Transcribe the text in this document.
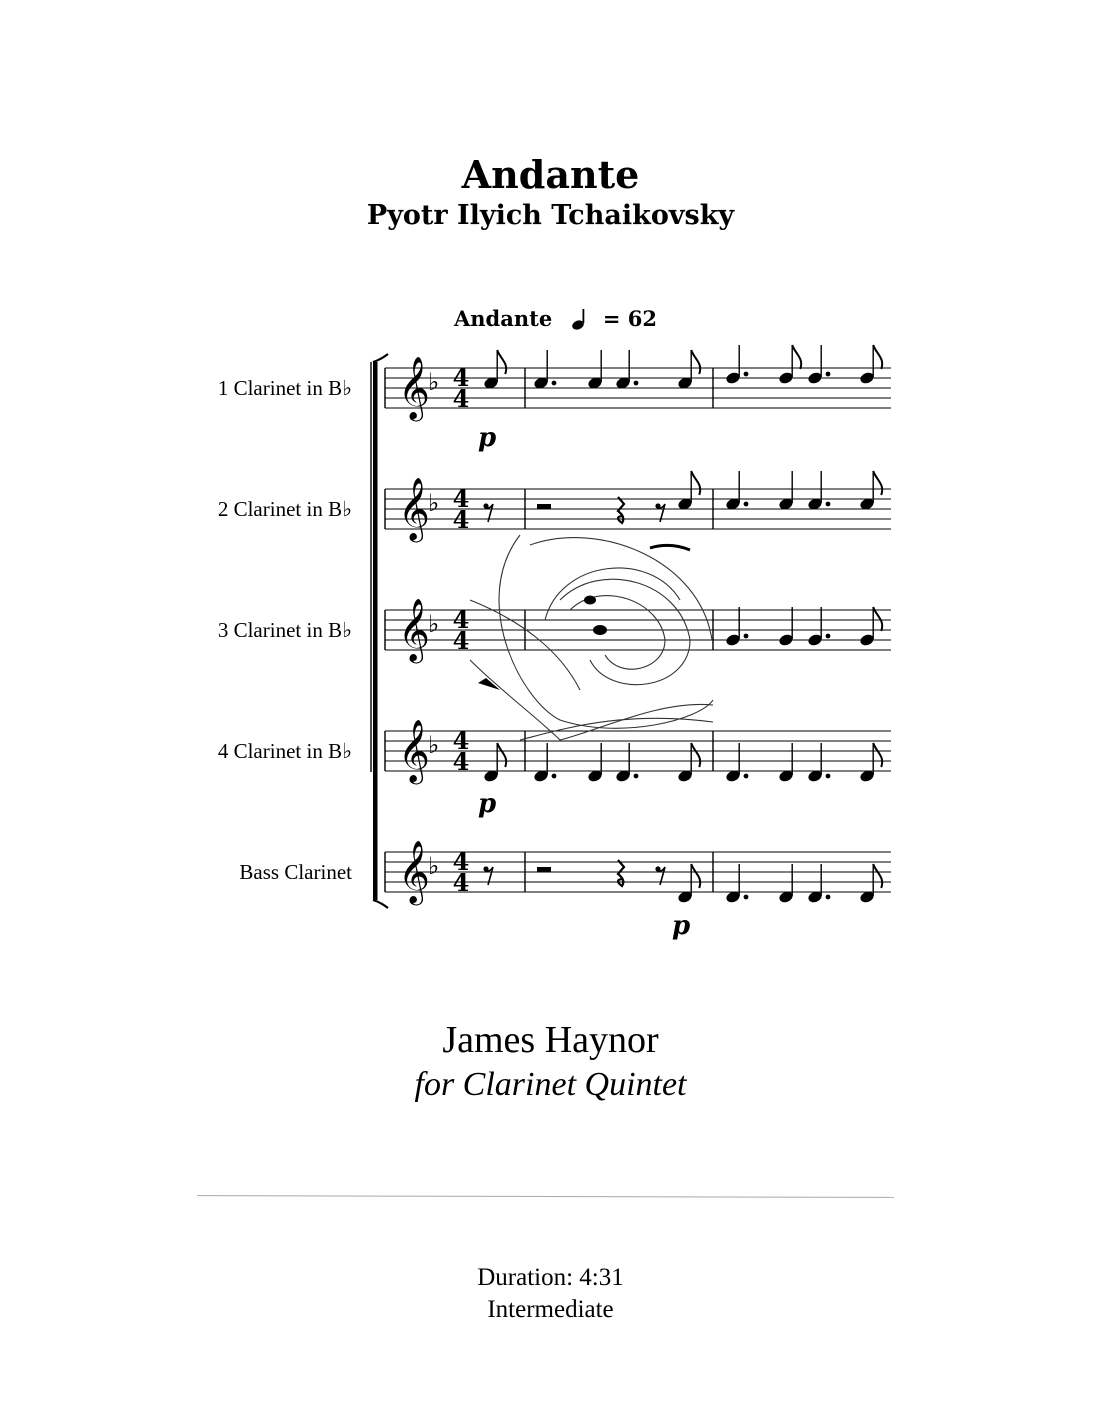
Andante
Pyotr Ilyich Tchaikovsky
Andante = 62
1 Clarinet in B♭
2 Clarinet in B♭
3 Clarinet in B♭
4 Clarinet in B♭
Bass Clarinet
𝄞
♭ 4
4
𝄞
♭ 4
4
𝄞
♭ 4
4
𝄞
♭ 4
4
𝄞
♭ 4
4
p
p
p
James Haynor
for Clarinet Quintet
Duration: 4:31
Intermediate
